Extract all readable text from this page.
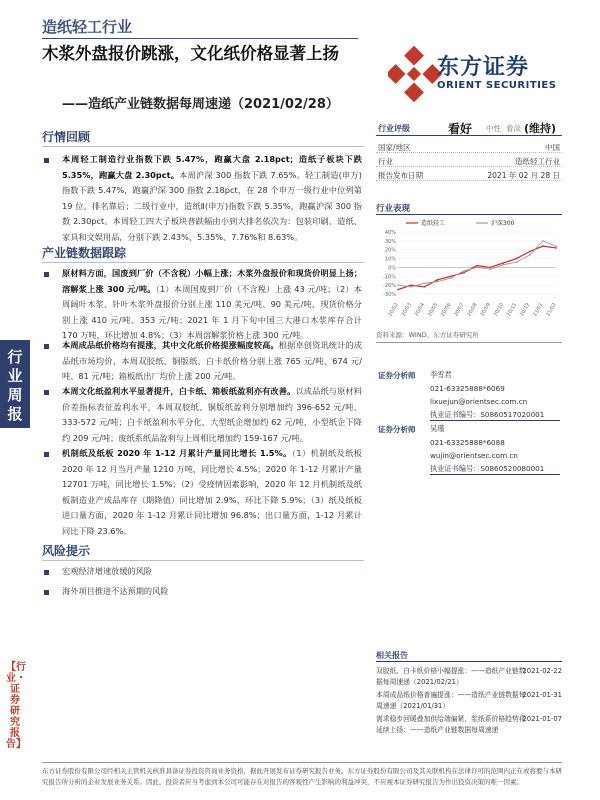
造纸轻工行业
木浆外盘报价跳涨，文化纸价格显著上扬
——造纸产业链数据每周速递（2021/02/28）
东方证券
ORIENT SECURITIES
行业周报
【行业・证券研究报告】
行情回顾
本周轻工制造行业指数下跌 5.47%，跑赢大盘 2.18pct；造纸子板块下跌 5.35%，跑赢大盘 2.30pct。本周沪深 300 指数下跌 7.65%。轻工制造(申万)指数下跌 5.47%，跑赢沪深 300 指数 2.18pct，在 28 个申万一级行业中位列第 19 位，排名靠后；二级行业中，造纸Ⅱ(申万)指数下跌 5.35%，跑赢沪深 300 指数 2.30pct。本周轻工四大子板块普跌幅由小到大排名依次为：包装印刷、造纸、家具和文娱用品，分别下跌 2.43%、5.35%、7.76%和 8.63%。
产业链数据跟踪
原材料方面，国废到厂价（不含税）小幅上涨；木浆外盘报价和现货价明显上扬；溶解浆上涨 300 元/吨。（1）本周国废到厂价（不含税）上涨 43 元/吨；（2）本周阔叶木浆、针叶木浆外盘报价分别上涨 110 美元/吨、90 美元/吨，现货价格分别上涨 410 元/吨、353 元/吨；2021 年 1 月下旬中国三大港口木浆库存合计 170 万吨，环比增加 4.8%；（3）本周溶解浆价格上涨 300 元/吨。
本周成品纸价格均有提涨，其中文化纸价格提涨幅度较高。根据卓创资讯统计的成品纸市场均价，本周双胶纸、铜版纸、白卡纸价格分别上涨 765 元/吨、674 元/吨、81 元/吨；箱板纸出厂均价上涨 200 元/吨。
本周文化纸盈利水平显著提升，白卡纸、箱板纸盈利亦有改善。以成品纸与原材料价差指标表征盈利水平，本周双胶纸、铜版纸盈利分别增加约 396-652 元/吨、333-572 元/吨；白卡纸盈利水平分化，大型纸企增加约 62 元/吨，小型纸企下降约 209 元/吨；废纸系纸品盈利与上周相比增加约 159-167 元/吨。
机制纸及纸板 2020 年 1-12 月累计产量同比增长 1.5%。（1）机制纸及纸板 2020 年 12 月当月产量 1210 万吨，同比增长 4.5%；2020 年 1-12 月累计产量 12701 万吨，同比增长 1.5%；（2）受疫情因素影响，2020 年 12 月机制纸及纸板制造业产成品库存（期降值）同比增加 2.9%，环比下降 5.9%；（3）纸及纸板进口量方面，2020 年 1-12 月累计同比增加 96.8%；出口量方面，1-12 月累计同比下降 23.6%。
风险提示
宏观经济增速放缓的风险
海外项目推进不达预期的风险
行业评级	看好 中性 看淡 (维持)
国家/地区	中国
行业	造纸轻工行业
报告发布日期	2021 年 02 月 28 日
行业表现
-30%
-20%
-10%
0%
10%
20%
30%
40%
20/02 20/03 20/04 20/05 20/06 20/07 20/08 20/09 20/10 20/11 20/12 21/01 21/02
造纸轻工	沪深300
资料来源：WIND、东方证券研究所
证券分析师 李雪君
021-63325888*6069
lixuejun@orientsec.com.cn
执业证书编号：S0860517020001
证券分析师 吴瑾
021-63325888*6088
wujin@orientsec.com.cn
执业证书编号：S0860520080001
相关报告
双胶纸、白卡纸价格小幅提涨：——造纸产业链数据每周速递（2021/02/21）
2021-02-22
本周成品纸价格普遍提涨：——造纸产业链数据每周速递（2021/01/31）
2021-01-31
需求稳步回暖叠加供给端偏紧，浆纸系价格趋势将延续上扬：——造纸产业链数据每周速递
2021-01-07
东方证券股份有限公司经相关主管机关核准具备证券投资咨询业务资格，据此开展发布证券研究报告业务。东方证券股份有限公司及其关联机构在法律许可的范围内正在或将要与本研究报告所分析的企业发展业务关系。因此，投资者应当考虑到本公司可能存在对报告的客观性产生影响的利益冲突，不应视本证券研究报告为作出投资决策的唯一因素。
